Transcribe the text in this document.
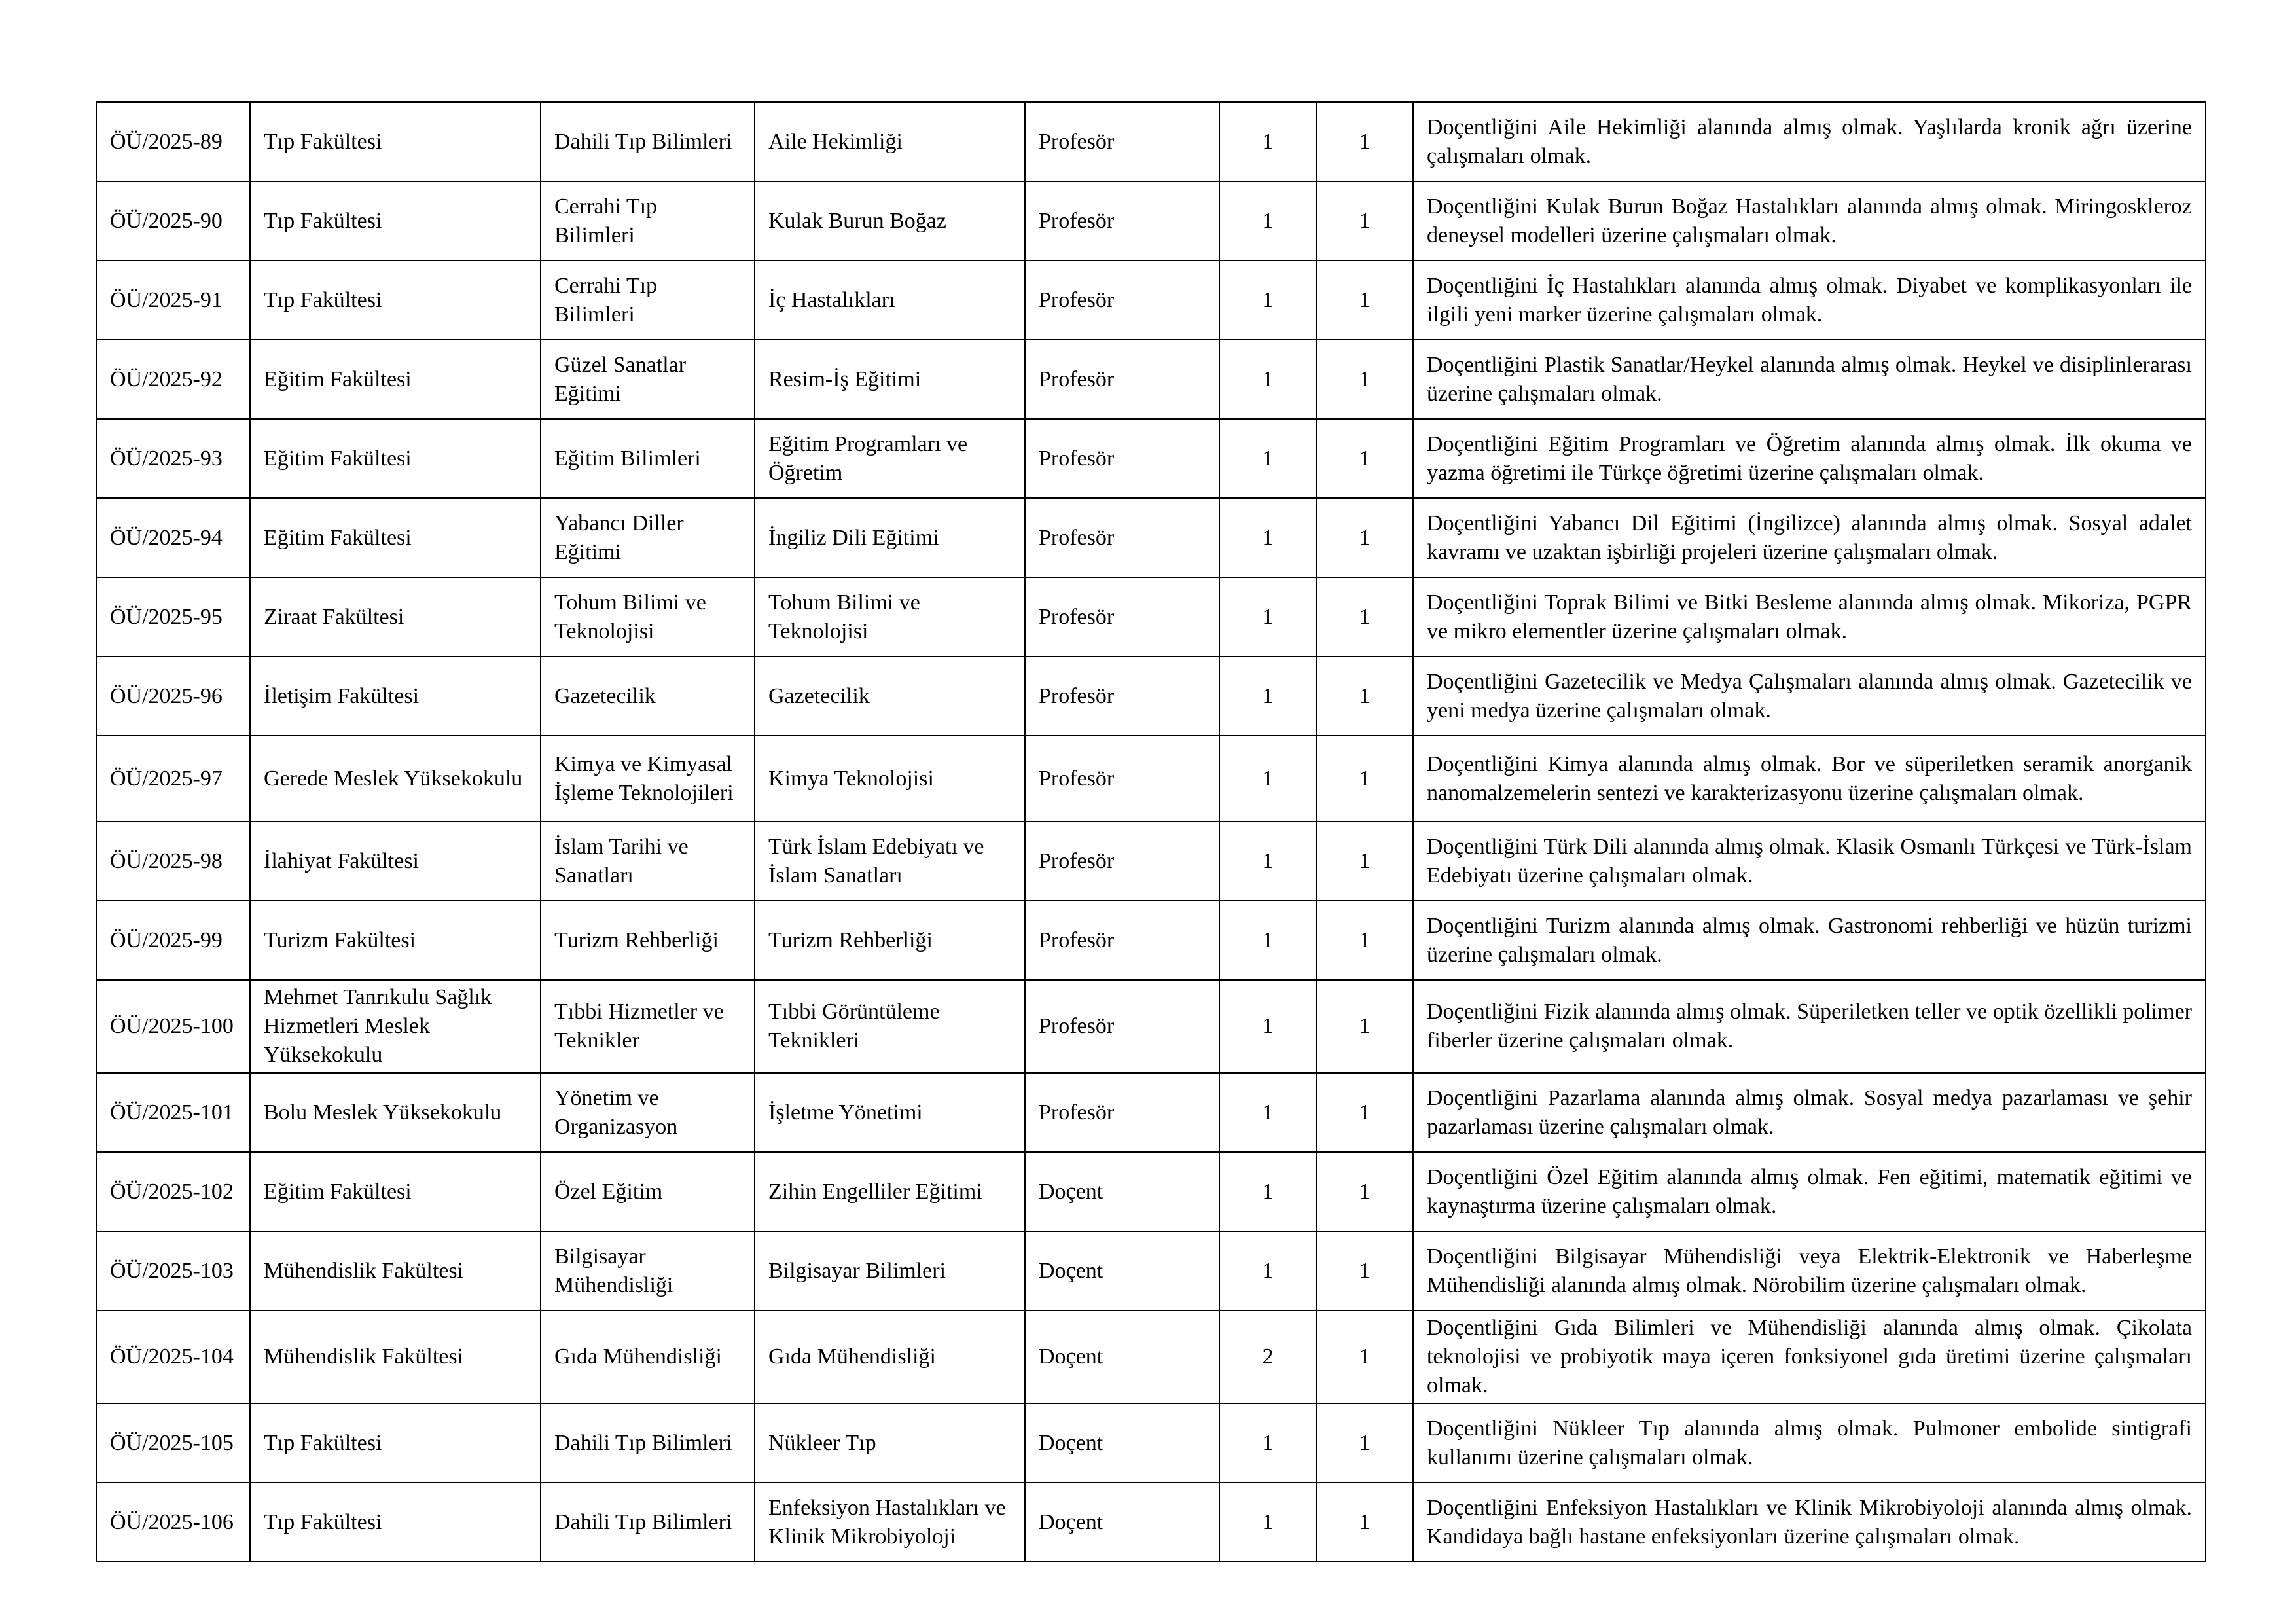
ÖÜ/2025-89	Tıp Fakültesi	Dahili Tıp Bilimleri	Aile Hekimliği	Profesör	1	1	Doçentliğini Aile Hekimliği alanında almış olmak. Yaşlılarda kronik ağrı üzerine çalışmaları olmak.
ÖÜ/2025-90	Tıp Fakültesi	Cerrahi Tıp Bilimleri	Kulak Burun Boğaz	Profesör	1	1	Doçentliğini Kulak Burun Boğaz Hastalıkları alanında almış olmak. Miringoskleroz deneysel modelleri üzerine çalışmaları olmak.
ÖÜ/2025-91	Tıp Fakültesi	Cerrahi Tıp Bilimleri	İç Hastalıkları	Profesör	1	1	Doçentliğini İç Hastalıkları alanında almış olmak. Diyabet ve komplikasyonları ile ilgili yeni marker üzerine çalışmaları olmak.
ÖÜ/2025-92	Eğitim Fakültesi	Güzel Sanatlar Eğitimi	Resim-İş Eğitimi	Profesör	1	1	Doçentliğini Plastik Sanatlar/Heykel alanında almış olmak. Heykel ve disiplinlerarası üzerine çalışmaları olmak.
ÖÜ/2025-93	Eğitim Fakültesi	Eğitim Bilimleri	Eğitim Programları ve Öğretim	Profesör	1	1	Doçentliğini Eğitim Programları ve Öğretim alanında almış olmak. İlk okuma ve yazma öğretimi ile Türkçe öğretimi üzerine çalışmaları olmak.
ÖÜ/2025-94	Eğitim Fakültesi	Yabancı Diller Eğitimi	İngiliz Dili Eğitimi	Profesör	1	1	Doçentliğini Yabancı Dil Eğitimi (İngilizce) alanında almış olmak. Sosyal adalet kavramı ve uzaktan işbirliği projeleri üzerine çalışmaları olmak.
ÖÜ/2025-95	Ziraat Fakültesi	Tohum Bilimi ve Teknolojisi	Tohum Bilimi ve Teknolojisi	Profesör	1	1	Doçentliğini Toprak Bilimi ve Bitki Besleme alanında almış olmak. Mikoriza, PGPR ve mikro elementler üzerine çalışmaları olmak.
ÖÜ/2025-96	İletişim Fakültesi	Gazetecilik	Gazetecilik	Profesör	1	1	Doçentliğini Gazetecilik ve Medya Çalışmaları alanında almış olmak. Gazetecilik ve yeni medya üzerine çalışmaları olmak.
ÖÜ/2025-97	Gerede Meslek Yüksekokulu	Kimya ve Kimyasal İşleme Teknolojileri	Kimya Teknolojisi	Profesör	1	1	Doçentliğini Kimya alanında almış olmak. Bor ve süperiletken seramik anorganik nanomalzemelerin sentezi ve karakterizasyonu üzerine çalışmaları olmak.
ÖÜ/2025-98	İlahiyat Fakültesi	İslam Tarihi ve Sanatları	Türk İslam Edebiyatı ve İslam Sanatları	Profesör	1	1	Doçentliğini Türk Dili alanında almış olmak. Klasik Osmanlı Türkçesi ve Türk-İslam Edebiyatı üzerine çalışmaları olmak.
ÖÜ/2025-99	Turizm Fakültesi	Turizm Rehberliği	Turizm Rehberliği	Profesör	1	1	Doçentliğini Turizm alanında almış olmak. Gastronomi rehberliği ve hüzün turizmi üzerine çalışmaları olmak.
ÖÜ/2025-100	Mehmet Tanrıkulu Sağlık Hizmetleri Meslek Yüksekokulu	Tıbbi Hizmetler ve Teknikler	Tıbbi Görüntüleme Teknikleri	Profesör	1	1	Doçentliğini Fizik alanında almış olmak. Süperiletken teller ve optik özellikli polimer fiberler üzerine çalışmaları olmak.
ÖÜ/2025-101	Bolu Meslek Yüksekokulu	Yönetim ve Organizasyon	İşletme Yönetimi	Profesör	1	1	Doçentliğini Pazarlama alanında almış olmak. Sosyal medya pazarlaması ve şehir pazarlaması üzerine çalışmaları olmak.
ÖÜ/2025-102	Eğitim Fakültesi	Özel Eğitim	Zihin Engelliler Eğitimi	Doçent	1	1	Doçentliğini Özel Eğitim alanında almış olmak. Fen eğitimi, matematik eğitimi ve kaynaştırma üzerine çalışmaları olmak.
ÖÜ/2025-103	Mühendislik Fakültesi	Bilgisayar Mühendisliği	Bilgisayar Bilimleri	Doçent	1	1	Doçentliğini Bilgisayar Mühendisliği veya Elektrik-Elektronik ve Haberleşme Mühendisliği alanında almış olmak. Nörobilim üzerine çalışmaları olmak.
ÖÜ/2025-104	Mühendislik Fakültesi	Gıda Mühendisliği	Gıda Mühendisliği	Doçent	2	1	Doçentliğini Gıda Bilimleri ve Mühendisliği alanında almış olmak. Çikolata teknolojisi ve probiyotik maya içeren fonksiyonel gıda üretimi üzerine çalışmaları olmak.
ÖÜ/2025-105	Tıp Fakültesi	Dahili Tıp Bilimleri	Nükleer Tıp	Doçent	1	1	Doçentliğini Nükleer Tıp alanında almış olmak. Pulmoner embolide sintigrafi kullanımı üzerine çalışmaları olmak.
ÖÜ/2025-106	Tıp Fakültesi	Dahili Tıp Bilimleri	Enfeksiyon Hastalıkları ve Klinik Mikrobiyoloji	Doçent	1	1	Doçentliğini Enfeksiyon Hastalıkları ve Klinik Mikrobiyoloji alanında almış olmak. Kandidaya bağlı hastane enfeksiyonları üzerine çalışmaları olmak.
